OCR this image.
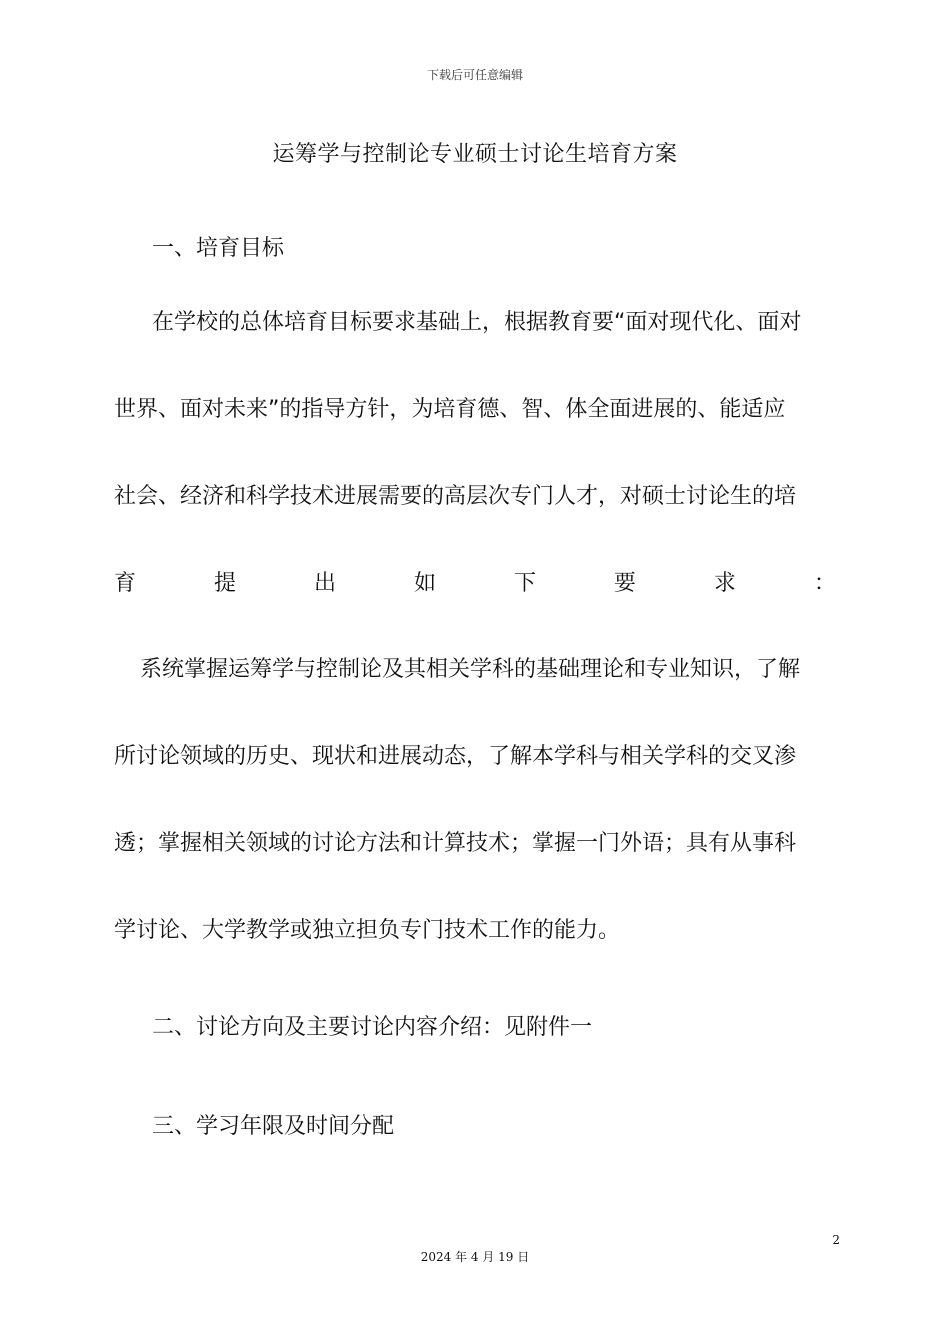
下载后可任意编辑
运筹学与控制论专业硕士讨论生培育方案
一、培育目标
在学校的总体培育目标要求基础上，根据教育要“面对现代化、面对
世界、面对未来”的指导方针，为培育德、智、体全面进展的、能适应
社会、经济和科学技术进展需要的高层次专门人才，对硕士讨论生的培
育	提	出	如	下	要	求	：
系统掌握运筹学与控制论及其相关学科的基础理论和专业知识，了解
所讨论领域的历史、现状和进展动态，了解本学科与相关学科的交叉渗
透；掌握相关领域的讨论方法和计算技术；掌握一门外语；具有从事科
学讨论、大学教学或独立担负专门技术工作的能力。
二、讨论方向及主要讨论内容介绍：见附件一
三、学习年限及时间分配
2
2024 年 4 月 19 日
